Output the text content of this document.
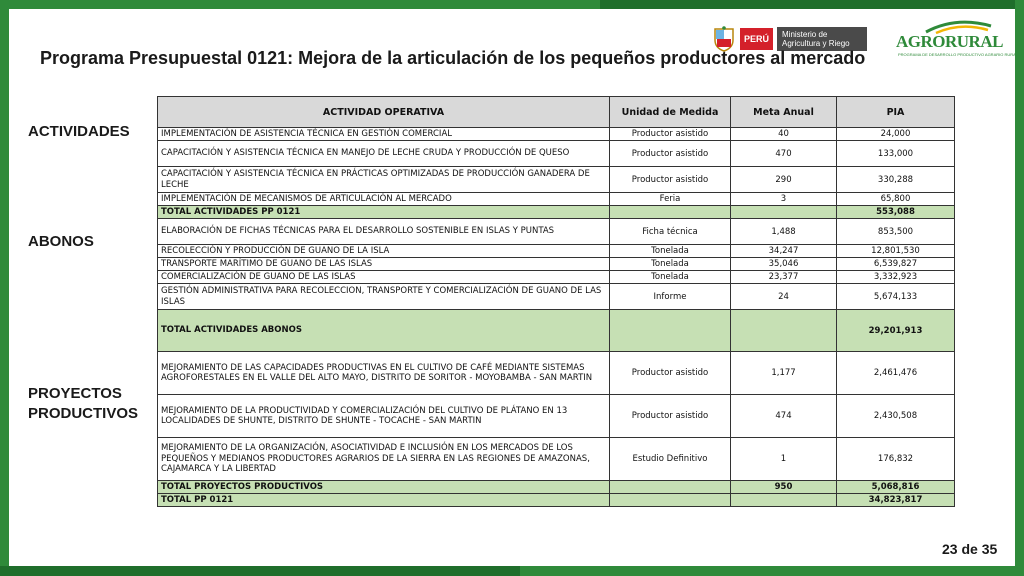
PERÚ	Ministerio de Agricultura y Riego	AGRORURAL
PROGRAMA DE DESARROLLO PRODUCTIVO AGRARIO RURAL
Programa Presupuestal 0121: Mejora de la articulación de los pequeños productores al mercado
ACTIVIDADES
ABONOS
PROYECTOS PRODUCTIVOS
ACTIVIDAD OPERATIVA	Unidad de Medida	Meta Anual	PIA
IMPLEMENTACIÓN DE ASISTENCIA TÉCNICA EN GESTIÓN COMERCIAL	Productor asistido	40	24,000
CAPACITACIÓN Y ASISTENCIA TÉCNICA EN MANEJO DE LECHE CRUDA Y PRODUCCIÓN DE QUESO	Productor asistido	470	133,000
CAPACITACIÓN Y ASISTENCIA TÉCNICA EN PRÁCTICAS OPTIMIZADAS DE PRODUCCIÓN GANADERA DE LECHE	Productor asistido	290	330,288
IMPLEMENTACIÓN DE MECANISMOS DE ARTICULACIÓN AL MERCADO	Feria	3	65,800
TOTAL ACTIVIDADES PP 0121			553,088
ELABORACIÓN DE FICHAS TÉCNICAS PARA EL DESARROLLO SOSTENIBLE EN ISLAS Y PUNTAS	Ficha técnica	1,488	853,500
RECOLECCIÓN Y PRODUCCIÓN DE GUANO DE LA ISLA	Tonelada	34,247	12,801,530
TRANSPORTE MARÍTIMO DE GUANO DE LAS ISLAS	Tonelada	35,046	6,539,827
COMERCIALIZACIÓN DE GUANO DE LAS ISLAS	Tonelada	23,377	3,332,923
GESTIÓN ADMINISTRATIVA PARA RECOLECCION, TRANSPORTE Y COMERCIALIZACIÓN DE GUANO DE LAS ISLAS	Informe	24	5,674,133
TOTAL ACTIVIDADES ABONOS			29,201,913
MEJORAMIENTO DE LAS CAPACIDADES PRODUCTIVAS EN EL CULTIVO DE CAFÉ MEDIANTE SISTEMAS AGROFORESTALES EN EL VALLE DEL ALTO MAYO, DISTRITO DE SORITOR - MOYOBAMBA - SAN MARTIN	Productor asistido	1,177	2,461,476
MEJORAMIENTO DE LA PRODUCTIVIDAD Y COMERCIALIZACIÓN DEL CULTIVO DE PLÁTANO EN 13 LOCALIDADES DE SHUNTE, DISTRITO DE SHUNTE - TOCACHE - SAN MARTIN	Productor asistido	474	2,430,508
MEJORAMIENTO DE LA ORGANIZACIÓN, ASOCIATIVIDAD E INCLUSIÓN EN LOS MERCADOS DE LOS PEQUEÑOS Y MEDIANOS PRODUCTORES AGRARIOS DE LA SIERRA EN LAS REGIONES DE AMAZONAS, CAJAMARCA Y LA LIBERTAD	Estudio Definitivo	1	176,832
TOTAL PROYECTOS PRODUCTIVOS		950	5,068,816
TOTAL PP 0121			34,823,817
23 de 35
